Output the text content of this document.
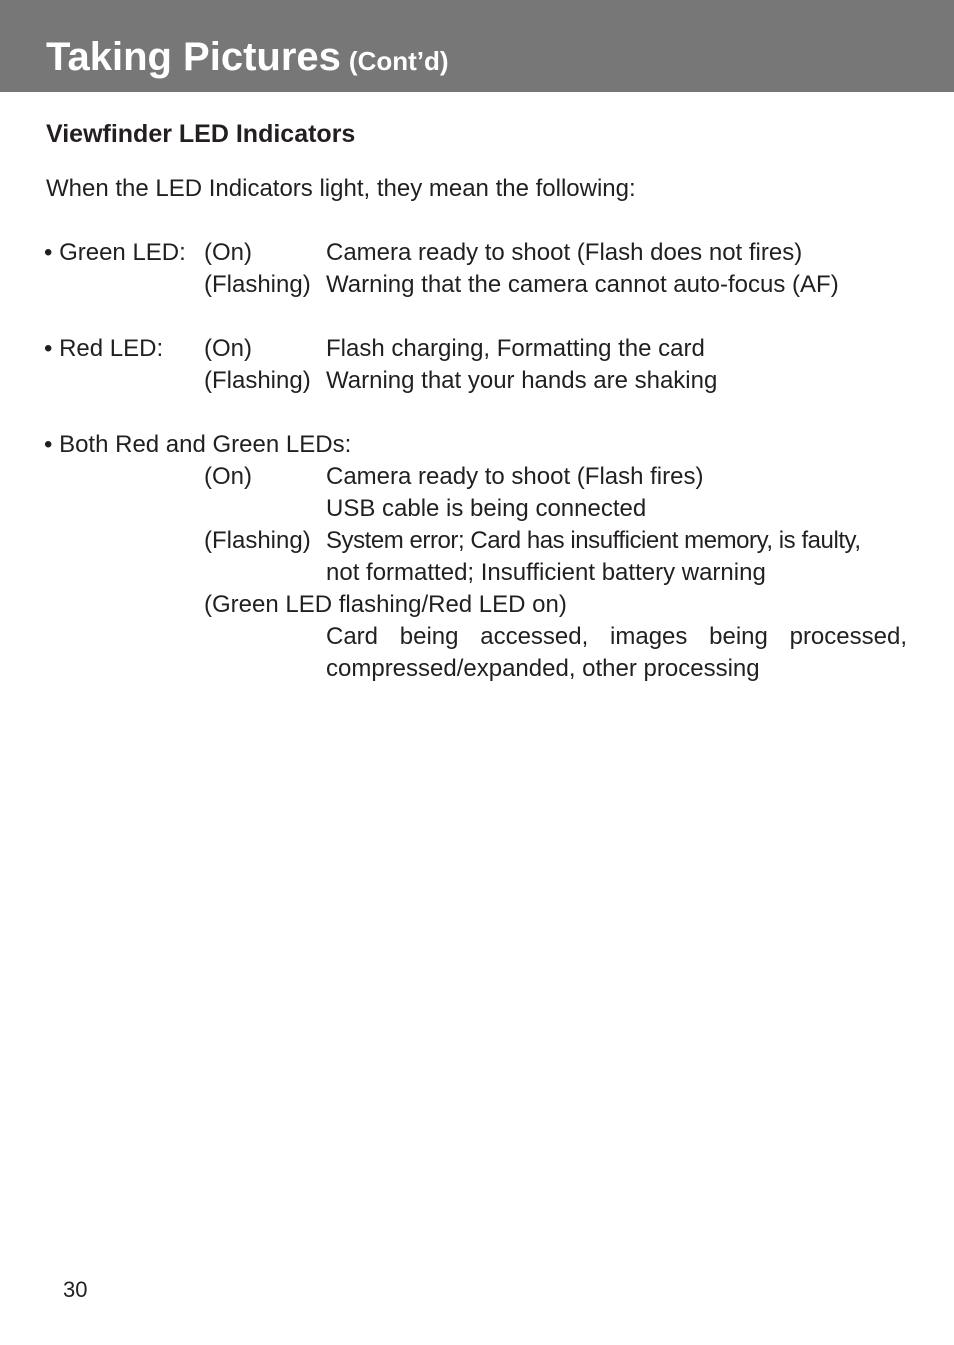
Taking Pictures (Cont’d)
Viewfinder LED Indicators
When the LED Indicators light, they mean the following:
• Green LED: (On)	Camera ready to shoot (Flash does not fires)
(Flashing) Warning that the camera cannot auto-focus (AF)
• Red LED: (On)	Flash charging, Formatting the card
(Flashing) Warning that your hands are shaking
• Both Red and Green LEDs:
(On)	Camera ready to shoot (Flash fires)
USB cable is being connected
(Flashing) System error; Card has insufficient memory, is faulty,
not formatted; Insufficient battery warning
(Green LED flashing/Red LED on)
Card being accessed, images being processed,
compressed/expanded, other processing
30
